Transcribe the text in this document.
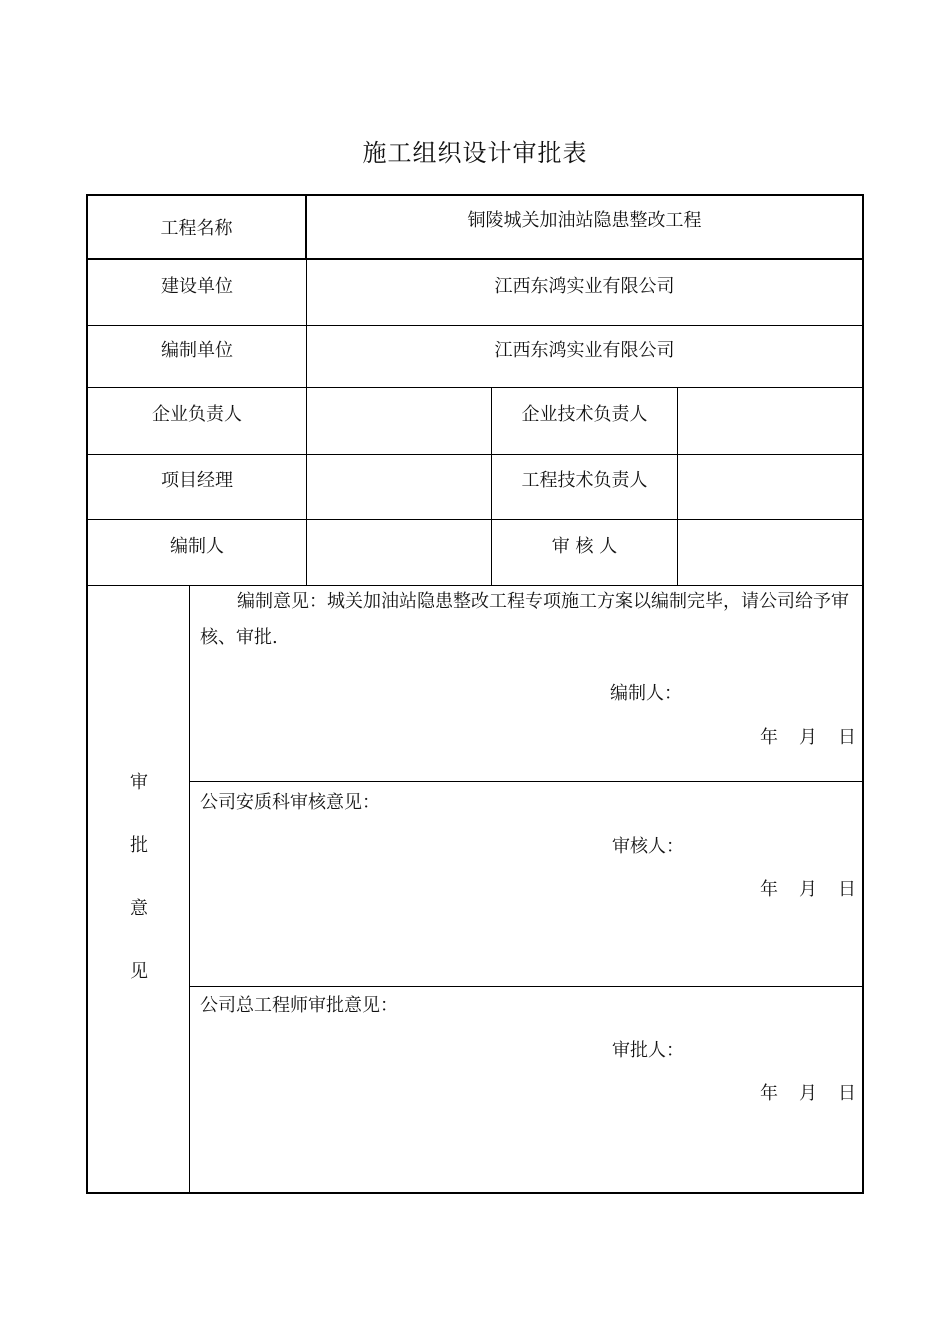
施工组织设计审批表
工程名称	铜陵城关加油站隐患整改工程
建设单位	江西东鸿实业有限公司
编制单位	江西东鸿实业有限公司
企业负责人	企业技术负责人
项目经理	工程技术负责人
编制人	审 核 人
审
批
意
见
编制意见：城关加油站隐患整改工程专项施工方案以编制完毕，请公司给予审核、审批.
编制人：
年 月 日
公司安质科审核意见：
审核人：
年 月 日
公司总工程师审批意见：
审批人：
年 月 日
